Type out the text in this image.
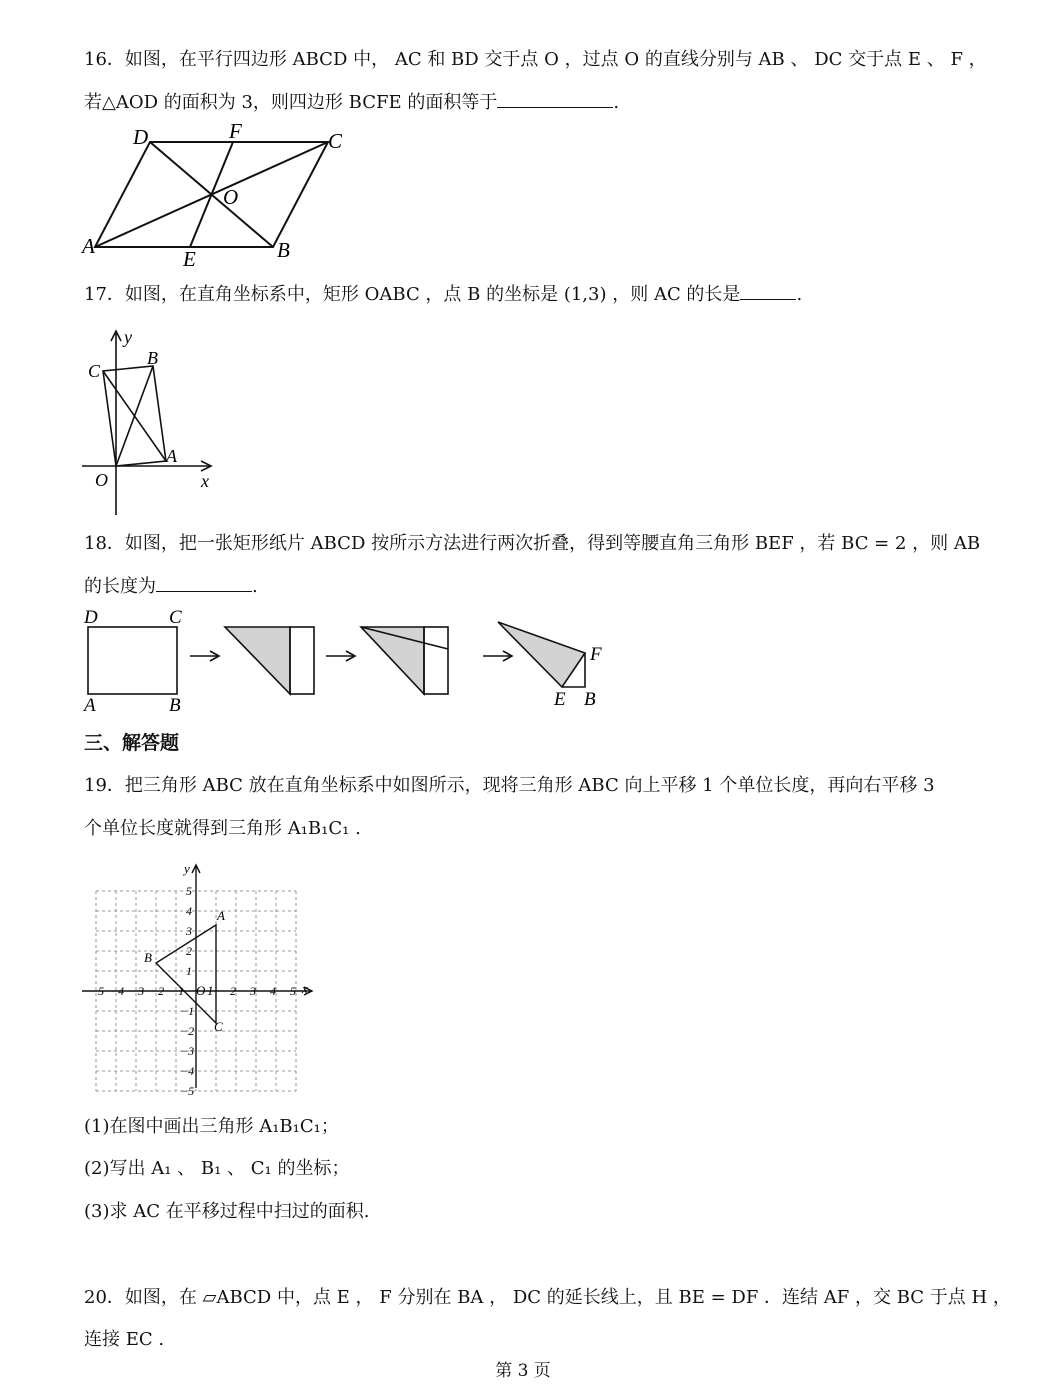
16．如图，在平行四边形 ABCD 中， AC 和 BD 交于点 O ，过点 O 的直线分别与 AB 、 DC 交于点 E 、 F ，
若△AOD 的面积为 3，则四边形 BCFE 的面积等于	.
A	B
C
D
E
F
O
17．如图，在直角坐标系中，矩形 OABC ，点 B 的坐标是 (1,3) ，则 AC 的长是	.
y
x
O
A
B
C
18．如图，把一张矩形纸片 ABCD 按所示方法进行两次折叠，得到等腰直角三角形 BEF ，若 BC = 2 ，则 AB
的长度为	.
D	C
A	B
F
E B
三、解答题
19．把三角形 ABC 放在直角坐标系中如图所示，现将三角形 ABC 向上平移 1 个单位长度，再向右平移 3
个单位长度就得到三角形 A₁B₁C₁ .
−5 −4 −3 −2 −1	2 3 4 5
5
4
3
2
1
−1
−2
−3
−4
−5
y
x
O 1
A
B
C
(1)在图中画出三角形 A₁B₁C₁；
(2)写出 A₁ 、 B₁ 、 C₁ 的坐标；
(3)求 AC 在平移过程中扫过的面积.
20．如图，在 ▱ABCD 中，点 E ， F 分别在 BA ， DC 的延长线上，且 BE = DF ．连结 AF ，交 BC 于点 H ，
连接 EC .
第 3 页
